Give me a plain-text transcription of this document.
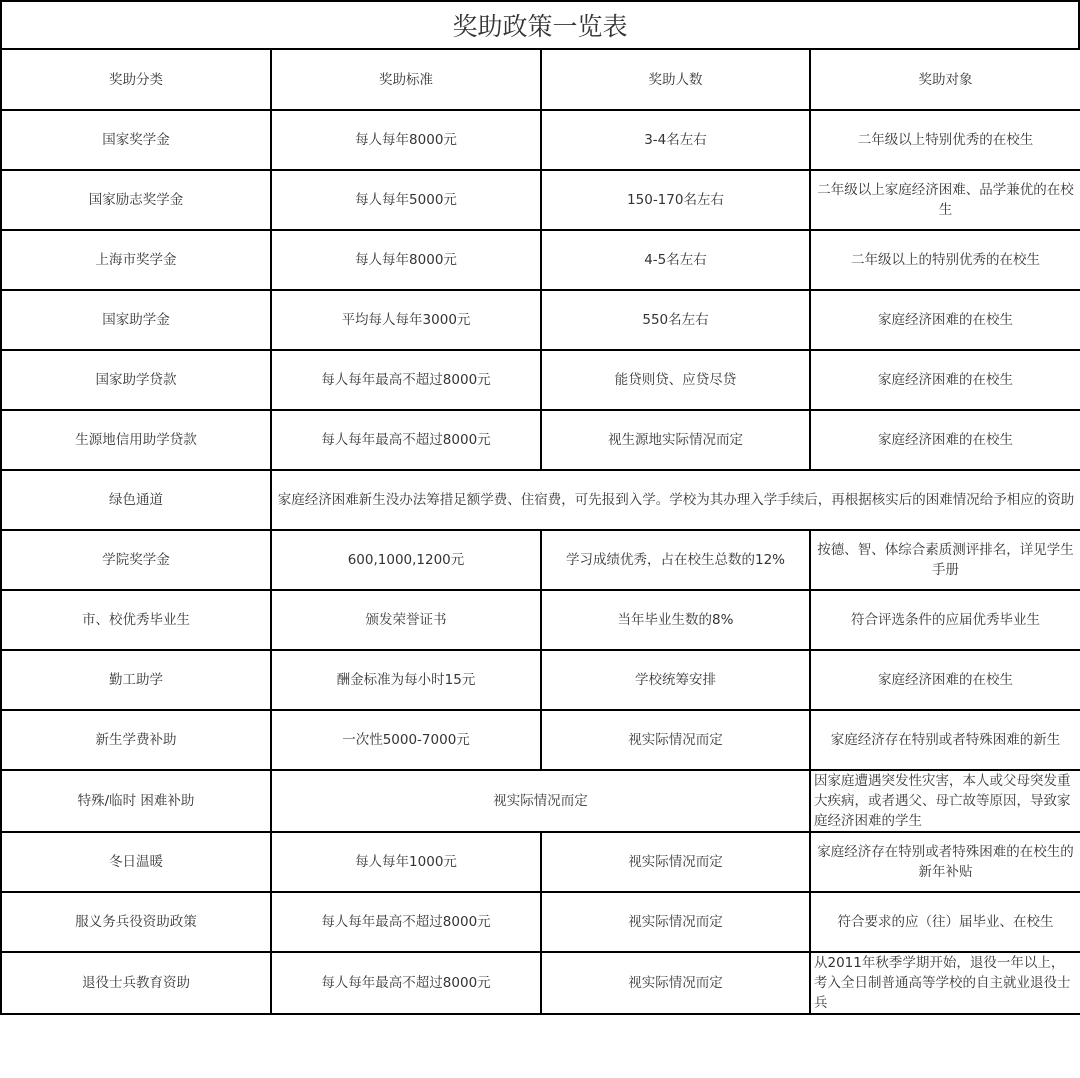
奖助政策一览表
奖助分类	奖助标准	奖助人数	奖助对象
国家奖学金	每人每年8000元	3-4名左右	二年级以上特别优秀的在校生
国家励志奖学金	每人每年5000元	150-170名左右	二年级以上家庭经济困难、品学兼优的在校生
上海市奖学金	每人每年8000元	4-5名左右	二年级以上的特别优秀的在校生
国家助学金	平均每人每年3000元	550名左右	家庭经济困难的在校生
国家助学贷款	每人每年最高不超过8000元	能贷则贷、应贷尽贷	家庭经济困难的在校生
生源地信用助学贷款	每人每年最高不超过8000元	视生源地实际情况而定	家庭经济困难的在校生
绿色通道	家庭经济困难新生没办法筹措足额学费、住宿费，可先报到入学。学校为其办理入学手续后，再根据核实后的困难情况给予相应的资助		
学院奖学金	600,1000,1200元	学习成绩优秀，占在校生总数的12%	按德、智、体综合素质测评排名，详见学生手册
市、校优秀毕业生	颁发荣誉证书	当年毕业生数的8%	符合评选条件的应届优秀毕业生
勤工助学	酬金标准为每小时15元	学校统筹安排	家庭经济困难的在校生
新生学费补助	一次性5000-7000元	视实际情况而定	家庭经济存在特别或者特殊困难的新生
特殊/临时 困难补助	视实际情况而定		因家庭遭遇突发性灾害，本人或父母突发重大疾病，或者遇父、母亡故等原因，导致家庭经济困难的学生
冬日温暖	每人每年1000元	视实际情况而定	家庭经济存在特别或者特殊困难的在校生的新年补贴
服义务兵役资助政策	每人每年最高不超过8000元	视实际情况而定	符合要求的应（往）届毕业、在校生
退役士兵教育资助	每人每年最高不超过8000元	视实际情况而定	从2011年秋季学期开始，退役一年以上，考入全日制普通高等学校的自主就业退役士兵
